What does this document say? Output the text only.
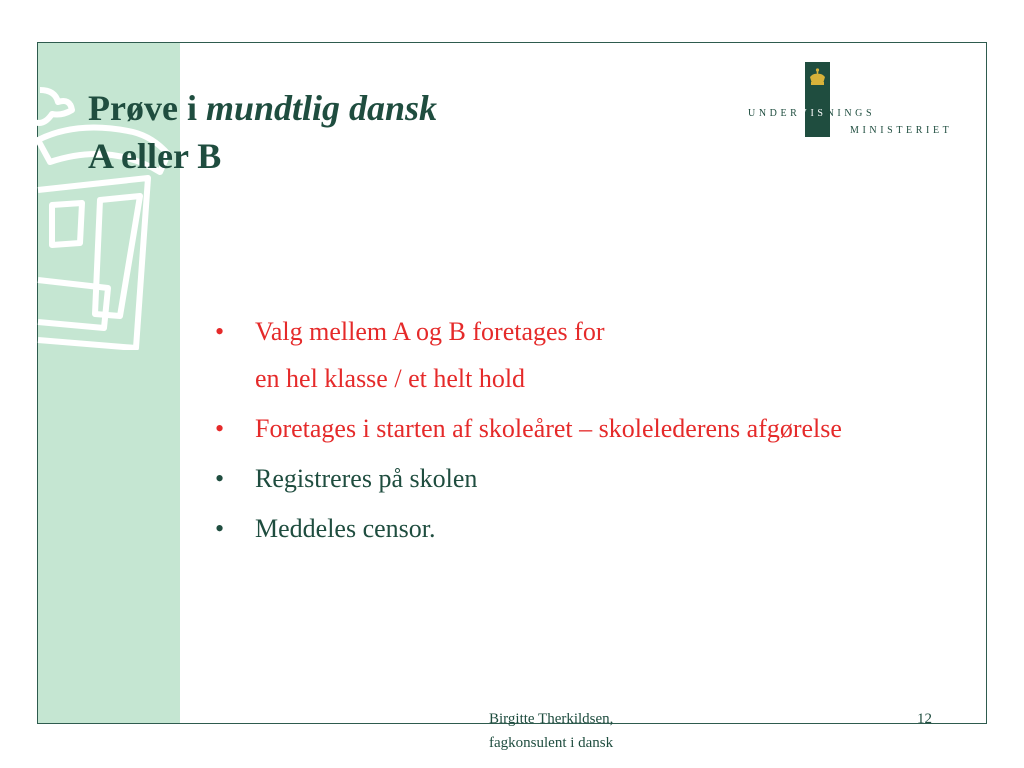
Prøve i mundtlig dansk
A eller B
UNDERVISNINGS
MINISTERIET
• Valg mellem A og B foretages for
en hel klasse / et helt hold
• Foretages i starten af skoleåret – skolelederens afgørelse
• Registreres på skolen
• Meddeles censor.
Birgitte Therkildsen,
fagkonsulent i dansk
12
